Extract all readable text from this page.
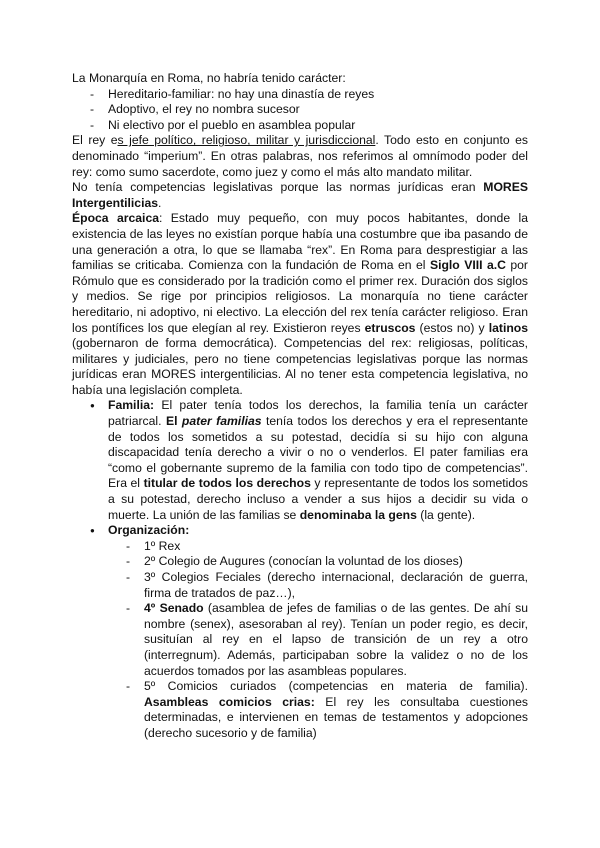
La Monarquía en Roma, no habría tenido carácter:

- Hereditario-familiar: no hay una dinastía de reyes
- Adoptivo, el rey no nombra sucesor
- Ni electivo por el pueblo en asamblea popular

El rey es jefe político, religioso, militar y jurisdiccional. Todo esto en conjunto es denominado “imperium”. En otras palabras, nos referimos al omnímodo poder del rey: como sumo sacerdote, como juez y como el más alto mandato militar.

No tenía competencias legislativas porque las normas jurídicas eran MORES Intergentilicias.

Época arcaica: Estado muy pequeño, con muy pocos habitantes, donde la existencia de las leyes no existían porque había una costumbre que iba pasando de una generación a otra, lo que se llamaba “rex”. En Roma para desprestigiar a las familias se criticaba. Comienza con la fundación de Roma en el Siglo VIII a.C por Rómulo que es considerado por la tradición como el primer rex. Duración dos siglos y medios. Se rige por principios religiosos. La monarquía no tiene carácter hereditario, ni adoptivo, ni electivo. La elección del rex tenía carácter religioso. Eran los pontífices los que elegían al rey. Existieron reyes etruscos (estos no) y latinos (gobernaron de forma democrática). Competencias del rex: religiosas, políticas, militares y judiciales, pero no tiene competencias legislativas porque las normas jurídicas eran MORES intergentilicias. Al no tener esta competencia legislativa, no había una legislación completa.

● Familia: El pater tenía todos los derechos, la familia tenía un carácter patriarcal. El pater familias tenía todos los derechos y era el representante de todos los sometidos a su potestad, decidía si su hijo con alguna discapacidad tenía derecho a vivir o no o venderlos. El pater familias era “como el gobernante supremo de la familia con todo tipo de competencias”. Era el titular de todos los derechos y representante de todos los sometidos a su potestad, derecho incluso a vender a sus hijos a decidir su vida o muerte. La unión de las familias se denominaba la gens (la gente).

● Organización:

- 1º Rex

- 2º Colegio de Augures (conocían la voluntad de los dioses)

- 3º Colegios Feciales (derecho internacional, declaración de guerra, firma de tratados de paz…),

- 4º Senado (asamblea de jefes de familias o de las gentes. De ahí su nombre (senex), asesoraban al rey). Tenían un poder regio, es decir, susituían al rey en el lapso de transición de un rey a otro (interregnum). Además, participaban sobre la validez o no de los acuerdos tomados por las asambleas populares.

- 5º Comicios curiados (competencias en materia de familia). Asambleas comicios crias: El rey les consultaba cuestiones determinadas, e intervienen en temas de testamentos y adopciones (derecho sucesorio y de familia)
